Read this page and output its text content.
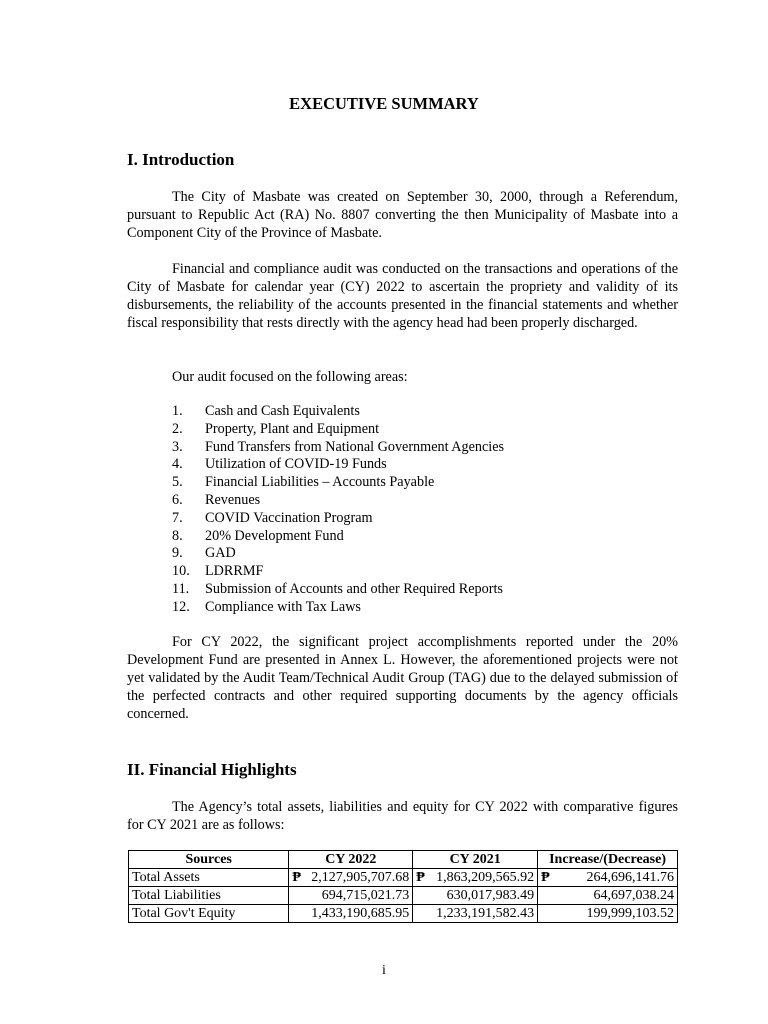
EXECUTIVE SUMMARY
I. Introduction

The City of Masbate was created on September 30, 2000, through a Referendum, pursuant to Republic Act (RA) No. 8807 converting the then Municipality of Masbate into a Component City of the Province of Masbate.

Financial and compliance audit was conducted on the transactions and operations of the City of Masbate for calendar year (CY) 2022 to ascertain the propriety and validity of its disbursements, the reliability of the accounts presented in the financial statements and whether fiscal responsibility that rests directly with the agency head had been properly discharged.

Our audit focused on the following areas:

1. Cash and Cash Equivalents
2. Property, Plant and Equipment
3. Fund Transfers from National Government Agencies
4. Utilization of COVID-19 Funds
5. Financial Liabilities – Accounts Payable
6. Revenues
7. COVID Vaccination Program
8. 20% Development Fund
9. GAD
10. LDRRMF
11. Submission of Accounts and other Required Reports
12. Compliance with Tax Laws

For CY 2022, the significant project accomplishments reported under the 20% Development Fund are presented in Annex L. However, the aforementioned projects were not yet validated by the Audit Team/Technical Audit Group (TAG) due to the delayed submission of the perfected contracts and other required supporting documents by the agency officials concerned.

II. Financial Highlights

The Agency’s total assets, liabilities and equity for CY 2022 with comparative figures for CY 2021 are as follows:

Sources	CY 2022	CY 2021	Increase/(Decrease)
Total Assets	₱ 2,127,905,707.68	₱ 1,863,209,565.92	₱ 264,696,141.76
Total Liabilities	694,715,021.73	630,017,983.49	64,697,038.24
Total Gov't Equity	1,433,190,685.95	1,233,191,582.43	199,999,103.52
i
